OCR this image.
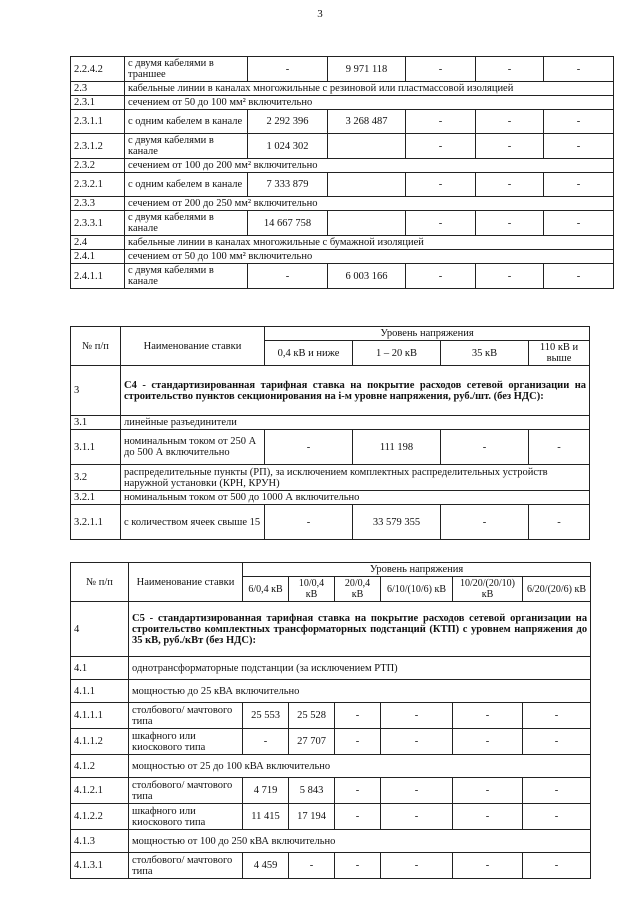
3
2.2.4.2	с двумя кабелями в траншее	-	9 971 118	-	-	-
2.3	кабельные линии в каналах многожильные с резиновой или пластмассовой изоляцией					
2.3.1	сечением от 50 до 100 мм² включительно					
2.3.1.1	с одним кабелем в канале	2 292 396	3 268 487	-	-	-
2.3.1.2	с двумя кабелями в канале	1 024 302		-	-	-
2.3.2	сечением от 100 до 200 мм² включительно					
2.3.2.1	с одним кабелем в канале	7 333 879		-	-	-
2.3.3	сечением от 200 до 250 мм² включительно					
2.3.3.1	с двумя кабелями в канале	14 667 758		-	-	-
2.4	кабельные линии в каналах многожильные с бумажной изоляцией					
2.4.1	сечением от 50 до 100 мм² включительно					
2.4.1.1	с двумя кабелями в канале	-	6 003 166	-	-	-
№ п/п	Наименование ставки	Уровень напряжения			
		0,4 кВ и ниже	1 – 20 кВ	35 кВ	110 кВ и выше
3	С4 - стандартизированная тарифная ставка на покрытие расходов сетевой организации на строительство пунктов секционирования на i-м уровне напряжения, руб./шт. (без НДС):				
3.1	линейные разъединители				
3.1.1	номинальным током от 250 А до 500 А включительно	-	111 198	-	-
3.2	распределительные пункты (РП), за исключением комплектных распределительных устройств наружной установки (КРН, КРУН)				
3.2.1	номинальным током от 500 до 1000 А включительно				
3.2.1.1	с количеством ячеек свыше 15	-	33 579 355	-	-
№ п/п	Наименование ставки	Уровень напряжения					
		6/0,4 кВ	10/0,4 кВ	20/0,4 кВ	6/10/(10/6) кВ	10/20/(20/10) кВ	6/20/(20/6) кВ
4	С5 - стандартизированная тарифная ставка на покрытие расходов сетевой организации на строительство комплектных трансформаторных подстанций (КТП) с уровнем напряжения до 35 кВ, руб./кВт (без НДС):						
4.1	однотрансформаторные подстанции (за исключением РТП)						
4.1.1	мощностью до 25 кВА включительно						
4.1.1.1	столбового/ мачтового типа	25 553	25 528	-	-	-	-
4.1.1.2	шкафного или киоскового типа	-	27 707	-	-	-	-
4.1.2	мощностью от 25 до 100 кВА включительно						
4.1.2.1	столбового/ мачтового типа	4 719	5 843	-	-	-	-
4.1.2.2	шкафного или киоскового типа	11 415	17 194	-	-	-	-
4.1.3	мощностью от 100 до 250 кВА включительно						
4.1.3.1	столбового/ мачтового типа	4 459	-	-	-	-	-
